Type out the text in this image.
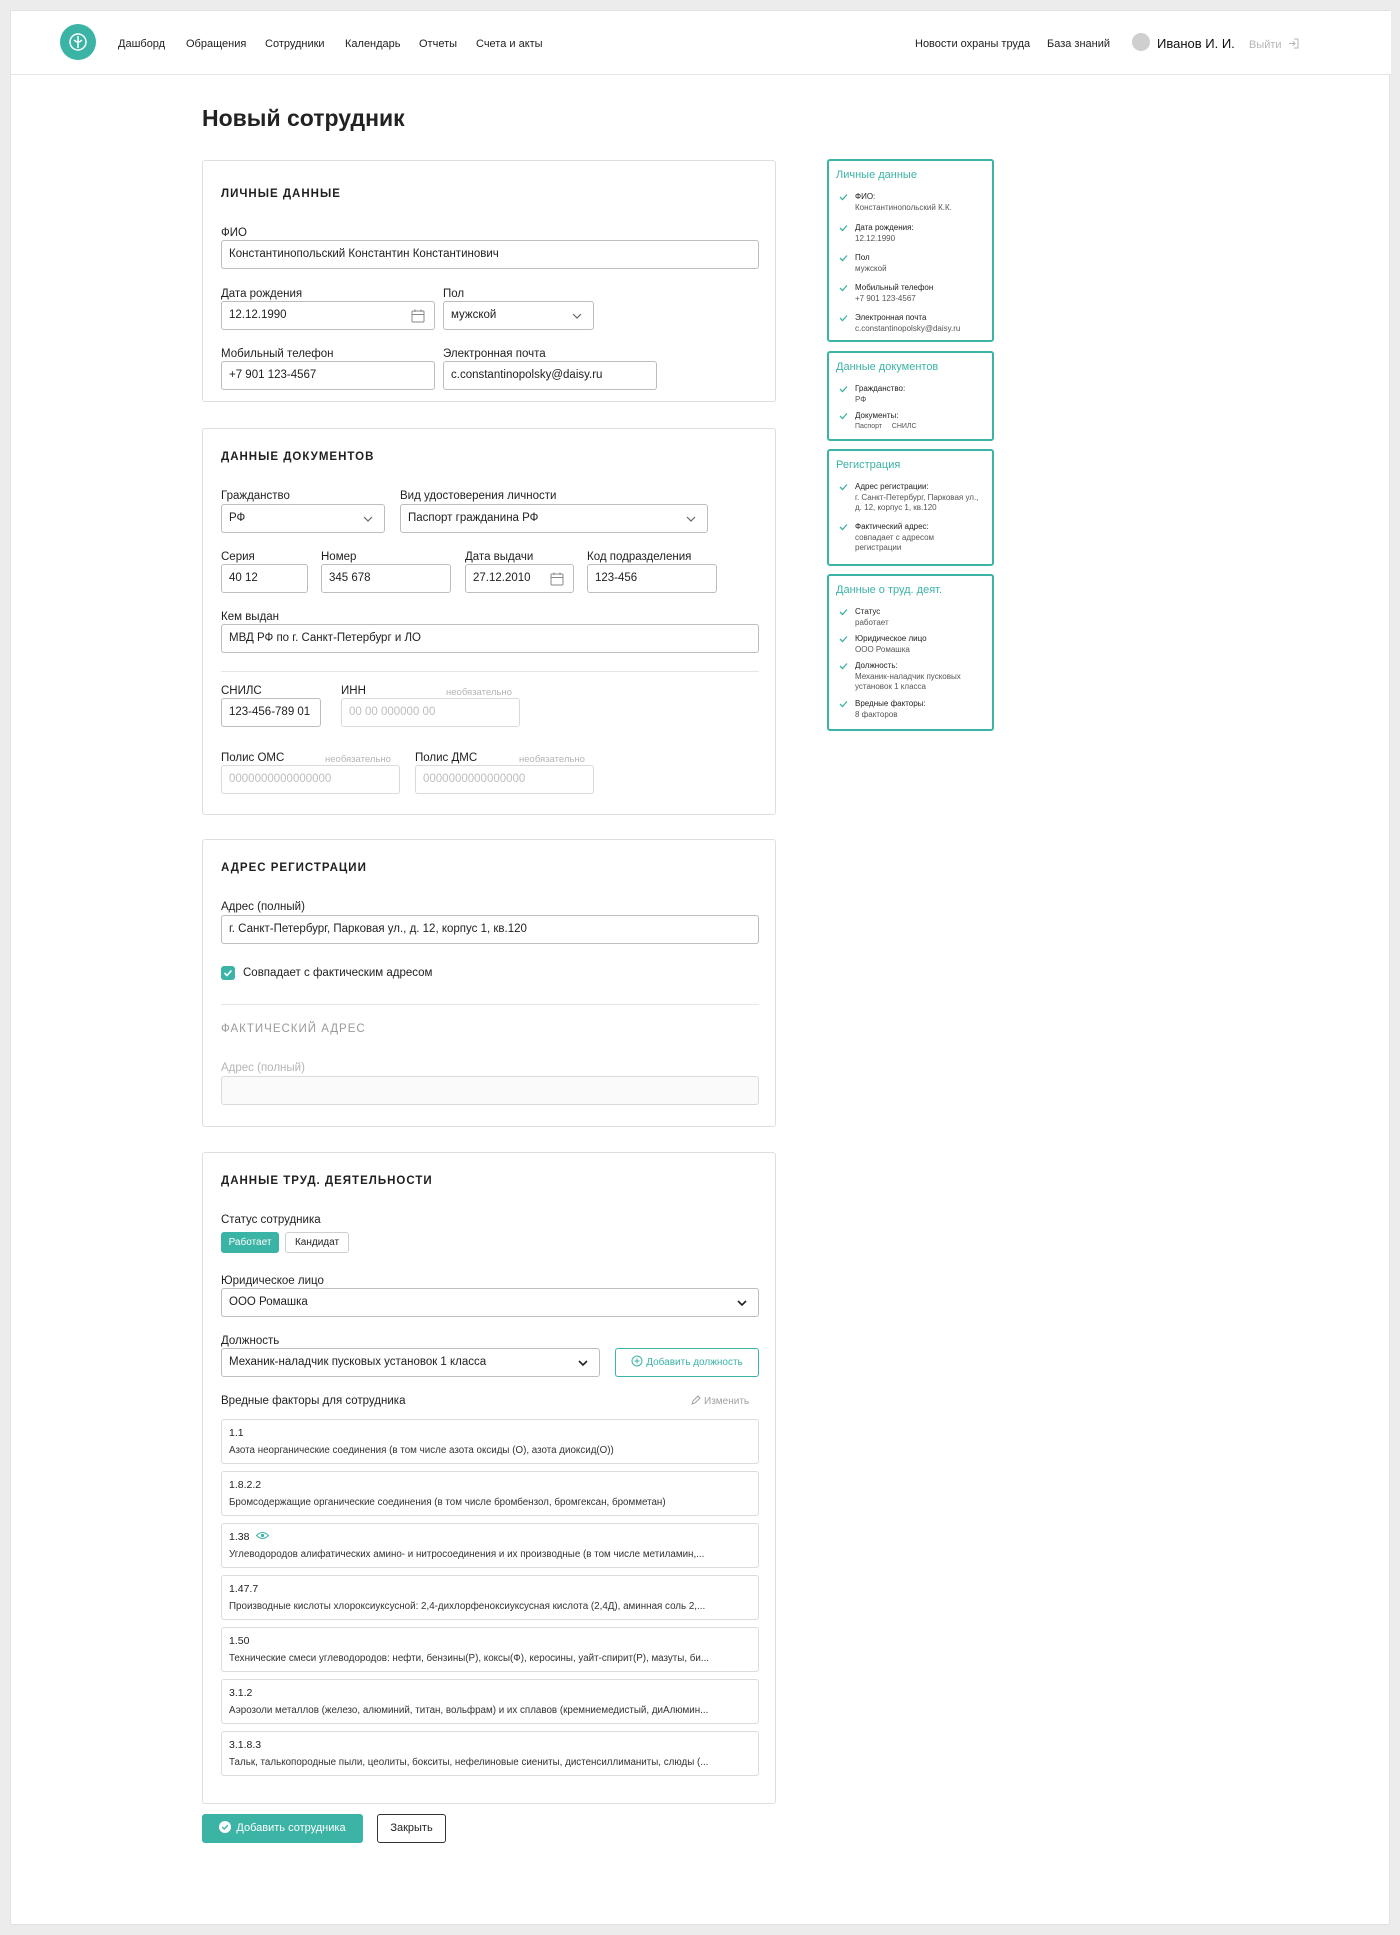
Дашборд Обращения Сотрудники Календарь Отчеты Счета и акты	Новости охраны труда База знаний	Иванов И. И. Выйти
Новый сотрудник
ЛИЧНЫЕ ДАННЫЕ
ФИО
Константинопольский Константин Константинович
Дата рождения
12.12.1990
Пол
мужской
Мобильный телефон
+7 901 123-4567
Электронная почта
c.constantinopolsky@daisy.ru
ДАННЫЕ ДОКУМЕНТОВ
Гражданство
РФ
Вид удостоверения личности
Паспорт гражданина РФ
Серия
40 12
Номер
345 678
Дата выдачи
27.12.2010
Код подразделения
123-456
Кем выдан
МВД РФ по г. Санкт-Петербург и ЛО
СНИЛС
123-456-789 01
ИНН	необязательно
00 00 000000 00
Полис ОМС	необязательно
0000000000000000
Полис ДМС	необязательно
0000000000000000
АДРЕС РЕГИСТРАЦИИ
Адрес (полный)
г. Санкт-Петербург, Парковая ул., д. 12, корпус 1, кв.120
Совпадает с фактическим адресом
ФАКТИЧЕСКИЙ АДРЕС
Адрес (полный)
ДАННЫЕ ТРУД. ДЕЯТЕЛЬНОСТИ
Статус сотрудника
Работает	Кандидат
Юридическое лицо
ООО Ромашка
Должность
Механик-наладчик пусковых установок 1 класса	Добавить должность
Вредные факторы для сотрудника	Изменить
1.1
Азота неорганические соединения (в том числе азота оксиды (О), азота диоксид(О))
1.8.2.2
Бромсодержащие органические соединения (в том числе бромбензол, бромгексан, бромметан)
1.38
Углеводородов алифатических амино- и нитросоединения и их производные (в том числе метиламин,...
1.47.7
Производные кислоты хлороксиуксусной: 2,4-дихлорфеноксиуксусная кислота (2,4Д), аминная соль 2,...
1.50
Технические смеси углеводородов: нефти, бензины(Р), коксы(Ф), керосины, уайт-спирит(Р), мазуты, би...
3.1.2
Аэрозоли металлов (железо, алюминий, титан, вольфрам) и их сплавов (кремниемедистый, диАлюмин...
3.1.8.3
Тальк, талькопородные пыли, цеолиты, бокситы, нефелиновые сиениты, дистенсиллиманиты, слюды (...
Добавить сотрудника	Закрыть
Личные данные
ФИО:
Константинопольский К.К.
Дата рождения:
12.12.1990
Пол
мужской
Мобильный телефон
+7 901 123-4567
Электронная почта
c.constantinopolsky@daisy.ru
Данные документов
Гражданство:
РФ
Документы:
Паспорт     СНИЛС
Регистрация
Адрес регистрации:
г. Санкт-Петербург, Парковая ул., д. 12, корпус 1, кв.120
Фактический адрес:
совпадает с адресом регистрации
Данные о труд. деят.
Статус
работает
Юридическое лицо
ООО Ромашка
Должность:
Механик-наладчик пусковых установок 1 класса
Вредные факторы:
8 факторов
